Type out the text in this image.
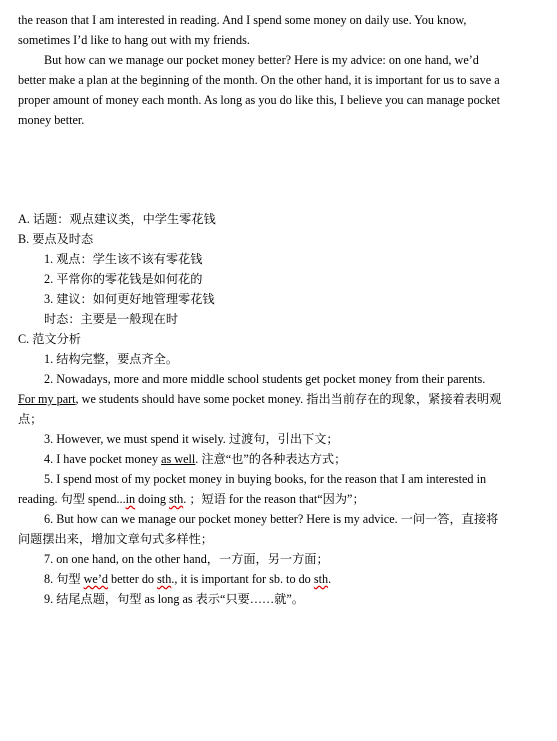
the reason that I am interested in reading. And I spend some money on daily use. You know,
sometimes I’d like to hang out with my friends.
But how can we manage our pocket money better? Here is my advice: on one hand, we’d
better make a plan at the beginning of the month. On the other hand, it is important for us to save a
proper amount of money each month. As long as you do like this, I believe you can manage pocket
money better.
A. 话题：观点建议类，中学生零花钱
B. 要点及时态
1. 观点：学生该不该有零花钱
2. 平常你的零花钱是如何花的
3. 建议：如何更好地管理零花钱
时态：主要是一般现在时
C. 范文分析
1. 结构完整，要点齐全。
2. Nowadays, more and more middle school students get pocket money from their parents.
For my part, we students should have some pocket money. 指出当前存在的现象，紧接着表明观
点；
3. However, we must spend it wisely. 过渡句，引出下文；
4. I have pocket money as well. 注意“也”的各种表达方式；
5. I spend most of my pocket money in buying books, for the reason that I am interested in
reading. 句型 spend...in doing sth. ；短语 for the reason that“因为”；
6. But how can we manage our pocket money better? Here is my advice. 一问一答，直接将
问题摆出来，增加文章句式多样性；
7. on one hand, on the other hand，一方面，另一方面；
8. 句型 we’d better do sth., it is important for sb. to do sth.
9. 结尾点题，句型 as long as 表示“只要……就”。
